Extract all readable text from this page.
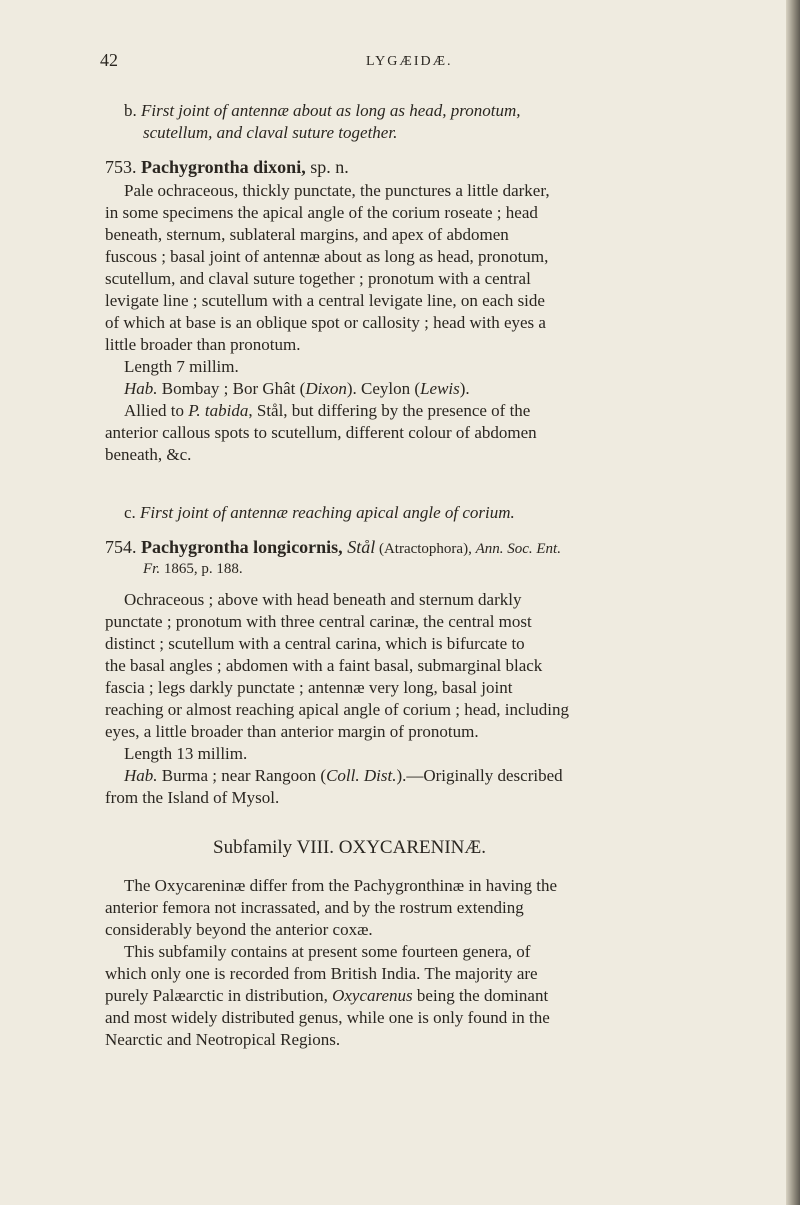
42	LYGÆIDÆ.
b. First joint of antennæ about as long as head, pronotum,
scutellum, and claval suture together.
753. Pachygrontha dixoni, sp. n.
Pale ochraceous, thickly punctate, the punctures a little darker,
in some specimens the apical angle of the corium roseate ; head
beneath, sternum, sublateral margins, and apex of abdomen
fuscous ; basal joint of antennæ about as long as head, pronotum,
scutellum, and claval suture together ; pronotum with a central
levigate line ; scutellum with a central levigate line, on each side
of which at base is an oblique spot or callosity ; head with eyes a
little broader than pronotum.
Length 7 millim.
Hab. Bombay ; Bor Ghât (Dixon). Ceylon (Lewis).
Allied to P. tabida, Stål, but differing by the presence of the
anterior callous spots to scutellum, different colour of abdomen
beneath, &c.
c. First joint of antennæ reaching apical angle of corium.
754. Pachygrontha longicornis, Stål (Atractophora), Ann. Soc. Ent.
Fr. 1865, p. 188.
Ochraceous ; above with head beneath and sternum darkly
punctate ; pronotum with three central carinæ, the central most
distinct ; scutellum with a central carina, which is bifurcate to
the basal angles ; abdomen with a faint basal, submarginal black
fascia ; legs darkly punctate ; antennæ very long, basal joint
reaching or almost reaching apical angle of corium ; head, including
eyes, a little broader than anterior margin of pronotum.
Length 13 millim.
Hab. Burma ; near Rangoon (Coll. Dist.).—Originally described
from the Island of Mysol.
Subfamily VIII. OXYCARENINÆ.
The Oxycareninæ differ from the Pachygronthinæ in having the
anterior femora not incrassated, and by the rostrum extending
considerably beyond the anterior coxæ.
This subfamily contains at present some fourteen genera, of
which only one is recorded from British India. The majority are
purely Palæarctic in distribution, Oxycarenus being the dominant
and most widely distributed genus, while one is only found in the
Nearctic and Neotropical Regions.
